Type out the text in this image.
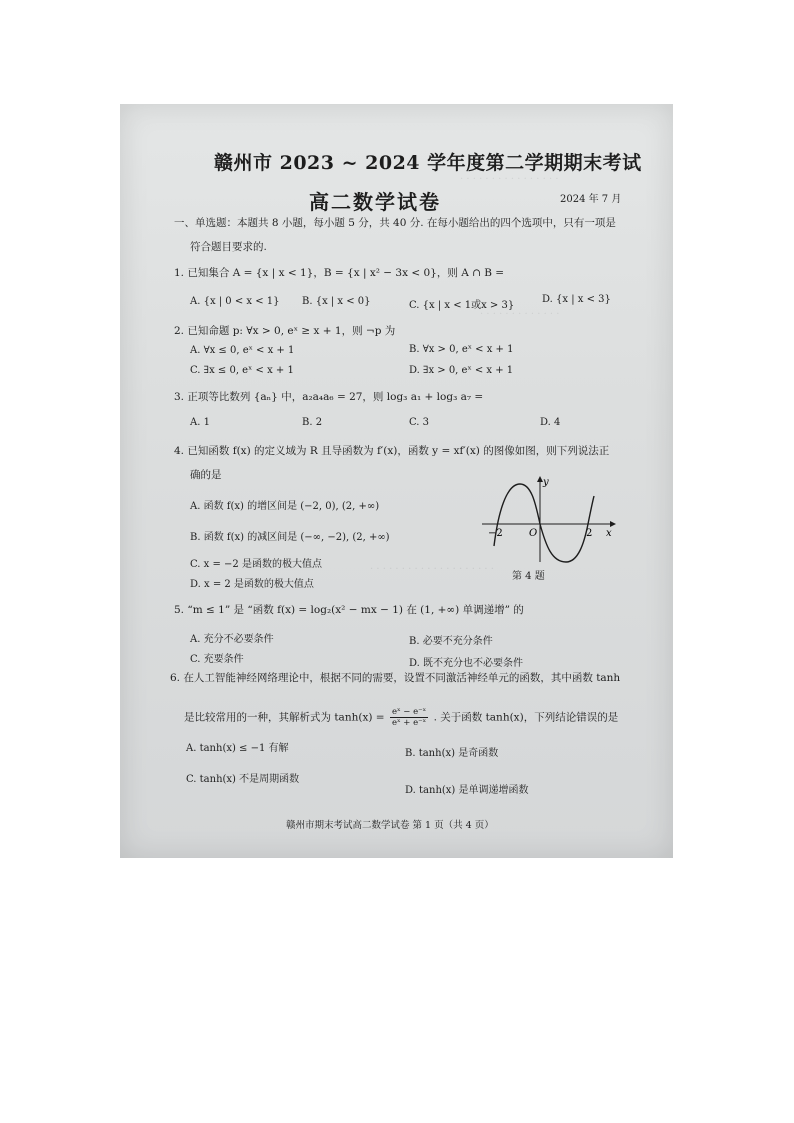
· · · · · · · · · · · · · · · ·
· · · · · · · · · · · · ·
· · · · · · · · · · · · · · · · · · · ·
赣州市 2023 ~ 2024 学年度第二学期期末考试
高二数学试卷	2024 年 7 月
一、单选题：本题共 8 小题，每小题 5 分，共 40 分. 在每小题给出的四个选项中，只有一项是
符合题目要求的.
1. 已知集合 A = {x | x < 1}，B = {x | x² − 3x < 0}，则 A ∩ B =
A. {x | 0 < x < 1} B. {x | x < 0}	C. {x | x < 1或x > 3}
D. {x | x < 3}
2. 已知命题 p: ∀x > 0, eˣ ≥ x + 1，则 ¬p 为
A. ∀x ≤ 0, eˣ < x + 1	B. ∀x > 0, eˣ < x + 1
C. ∃x ≤ 0, eˣ < x + 1	D. ∃x > 0, eˣ < x + 1
3. 正项等比数列 {aₙ} 中，a₂a₄a₆ = 27，则 log₃ a₁ + log₃ a₇ =
A. 1	B. 2	C. 3	D. 4
4. 已知函数 f(x) 的定义域为 R 且导函数为 f′(x)，函数 y = xf′(x) 的图像如图，则下列说法正
确的是
A. 函数 f(x) 的增区间是 (−2, 0), (2, +∞)
B. 函数 f(x) 的减区间是 (−∞, −2), (2, +∞)
C. x = −2 是函数的极大值点
D. x = 2 是函数的极大值点
x
y
O
−2	2
第 4 题
5. “m ≤ 1” 是 “函数 f(x) = log₂(x² − mx − 1) 在 (1, +∞) 单调递增” 的
A. 充分不必要条件	B. 必要不充分条件
C. 充要条件	D. 既不充分也不必要条件
6. 在人工智能神经网络理论中，根据不同的需要，设置不同激活神经单元的函数，其中函数 tanh
是比较常用的一种，其解析式为 $\tanh(x) = \frac{\text{eˣ − e⁻ˣ}}{\text{eˣ + e⁻ˣ}}$ . 关于函数 tanh(x)，下列结论错误的是
A. tanh(x) ≤ −1 有解	B. tanh(x) 是奇函数
C. tanh(x) 不是周期函数
D. tanh(x) 是单调递增函数
赣州市期末考试高二数学试卷 第 1 页（共 4 页）
